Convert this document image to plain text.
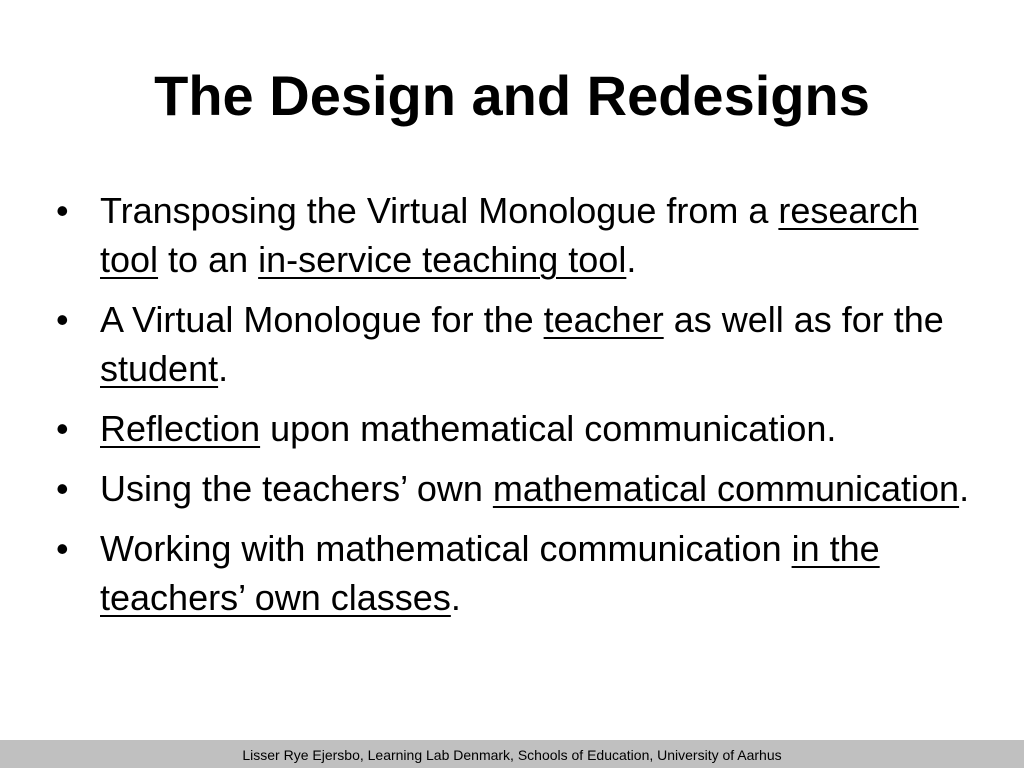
The Design and Redesigns
• Transposing the Virtual Monologue from a research tool to an in-service teaching tool.
• A Virtual Monologue for the teacher as well as for the student.
• Reflection upon mathematical communication.
• Using the teachers’ own mathematical communication.
• Working with mathematical communication in the teachers’ own classes.
Lisser Rye Ejersbo, Learning Lab Denmark, Schools of Education, University of Aarhus
